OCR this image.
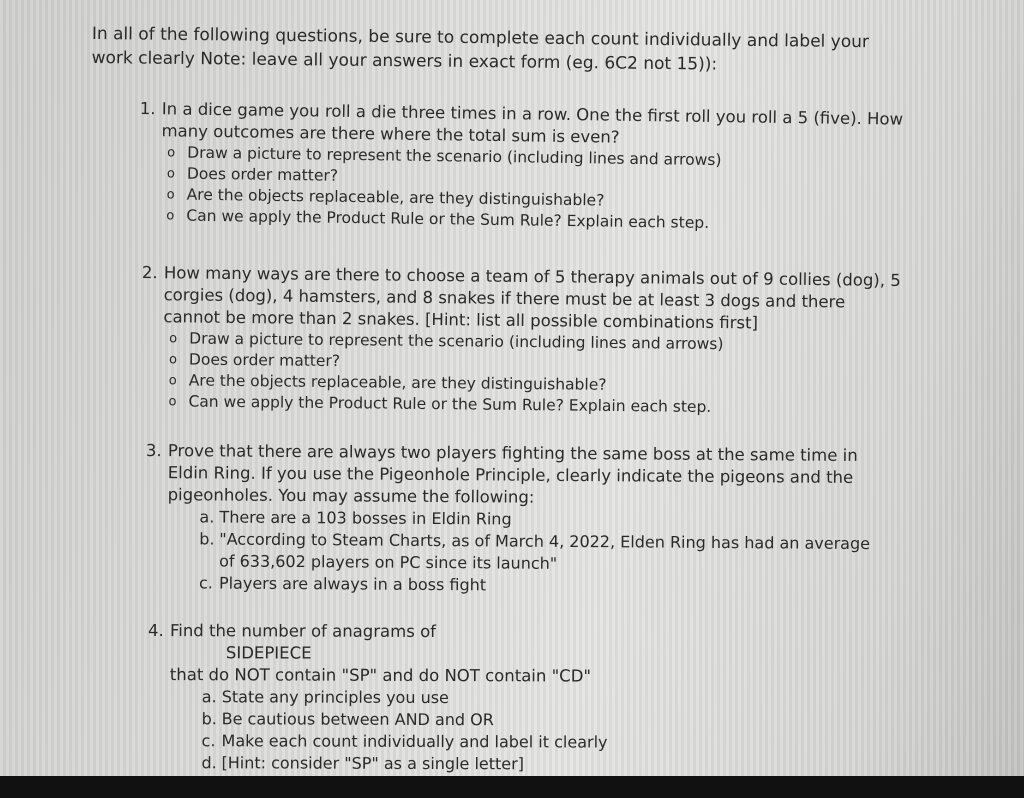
In all of the following questions, be sure to complete each count individually and label your work clearly Note: leave all your answers in exact form (eg. 6C2 not 15)):
1. In a dice game you roll a die three times in a row. One the first roll you roll a 5 (five). How many outcomes are there where the total sum is even?
o Draw a picture to represent the scenario (including lines and arrows)
o Does order matter?
o Are the objects replaceable, are they distinguishable?
o Can we apply the Product Rule or the Sum Rule? Explain each step.
2. How many ways are there to choose a team of 5 therapy animals out of 9 collies (dog), 5 corgies (dog), 4 hamsters, and 8 snakes if there must be at least 3 dogs and there cannot be more than 2 snakes. [Hint: list all possible combinations first]
o Draw a picture to represent the scenario (including lines and arrows)
o Does order matter?
o Are the objects replaceable, are they distinguishable?
o Can we apply the Product Rule or the Sum Rule? Explain each step.
3. Prove that there are always two players fighting the same boss at the same time in Eldin Ring. If you use the Pigeonhole Principle, clearly indicate the pigeons and the pigeonholes. You may assume the following:
a. There are a 103 bosses in Eldin Ring
b. "According to Steam Charts, as of March 4, 2022, Elden Ring has had an average of 633,602 players on PC since its launch"
c. Players are always in a boss fight
4. Find the number of anagrams of
SIDEPIECE
that do NOT contain "SP" and do NOT contain "CD"
a. State any principles you use
b. Be cautious between AND and OR
c. Make each count individually and label it clearly
d. [Hint: consider "SP" as a single letter]
